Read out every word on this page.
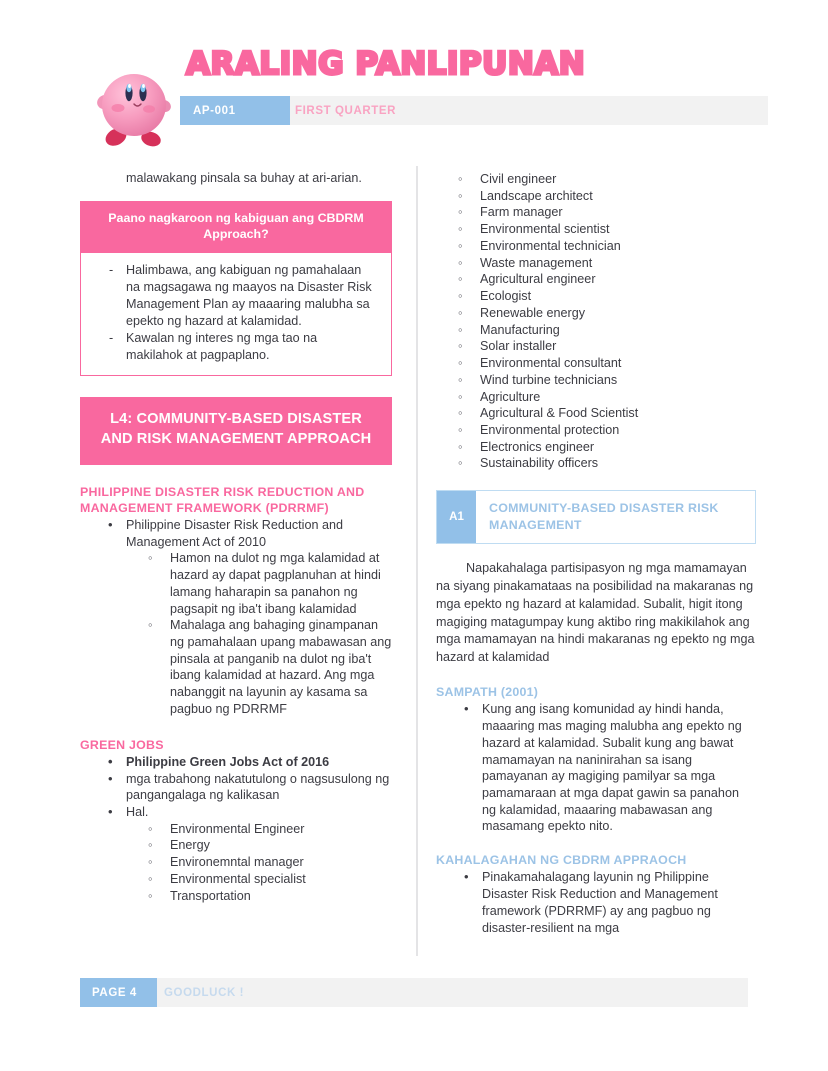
ARALING PANLIPUNAN
AP-001	FIRST QUARTER

malawakang pinsala sa buhay at ari-arian.

Paano nagkaroon ng kabiguan ang CBDRM Approach?
- Halimbawa, ang kabiguan ng pamahalaan na magsagawa ng maayos na Disaster Risk Management Plan ay maaaring malubha sa epekto ng hazard at kalamidad.
- Kawalan ng interes ng mga tao na makilahok at pagpaplano.
L4: COMMUNITY-BASED DISASTER AND RISK MANAGEMENT APPROACH
PHILIPPINE DISASTER RISK REDUCTION AND MANAGEMENT FRAMEWORK (PDRRMF)
• Philippine Disaster Risk Reduction and Management Act of 2010
◦ Hamon na dulot ng mga kalamidad at hazard ay dapat pagplanuhan at hindi lamang haharapin sa panahon ng pagsapit ng iba't ibang kalamidad
◦ Mahalaga ang bahaging ginampanan ng pamahalaan upang mabawasan ang pinsala at panganib na dulot ng iba't ibang kalamidad at hazard. Ang mga nabanggit na layunin ay kasama sa pagbuo ng PDRRMF
GREEN JOBS
• Philippine Green Jobs Act of 2016
• mga trabahong nakatutulong o nagsusulong ng pangangalaga ng kalikasan
• Hal.
◦ Environmental Engineer
◦ Energy
◦ Environemntal manager
◦ Environmental specialist
◦ Transportation
◦ Civil engineer
◦ Landscape architect
◦ Farm manager
◦ Environmental scientist
◦ Environmental technician
◦ Waste management
◦ Agricultural engineer
◦ Ecologist
◦ Renewable energy
◦ Manufacturing
◦ Solar installer
◦ Environmental consultant
◦ Wind turbine technicians
◦ Agriculture
◦ Agricultural & Food Scientist
◦ Environmental protection
◦ Electronics engineer
◦ Sustainability officers
A1
COMMUNITY-BASED DISASTER RISK MANAGEMENT

Napakahalaga partisipasyon ng mga mamamayan na siyang pinakamataas na posibilidad na makaranas ng mga epekto ng hazard at kalamidad. Subalit, higit itong magiging matagumpay kung aktibo ring makikilahok ang mga mamamayan na hindi makaranas ng epekto ng mga hazard at kalamidad

SAMPATH (2001)
• Kung ang isang komunidad ay hindi handa, maaaring mas maging malubha ang epekto ng hazard at kalamidad. Subalit kung ang bawat mamamayan na naninirahan sa isang pamayanan ay magiging pamilyar sa mga pamamaraan at mga dapat gawin sa panahon ng kalamidad, maaaring mabawasan ang masamang epekto nito.
KAHALAGAHAN NG CBDRM APPRAOCH
• Pinakamahalagang layunin ng Philippine Disaster Risk Reduction and Management framework (PDRRMF) ay ang pagbuo ng disaster-resilient na mga
PAGE 4	GOODLUCK !
